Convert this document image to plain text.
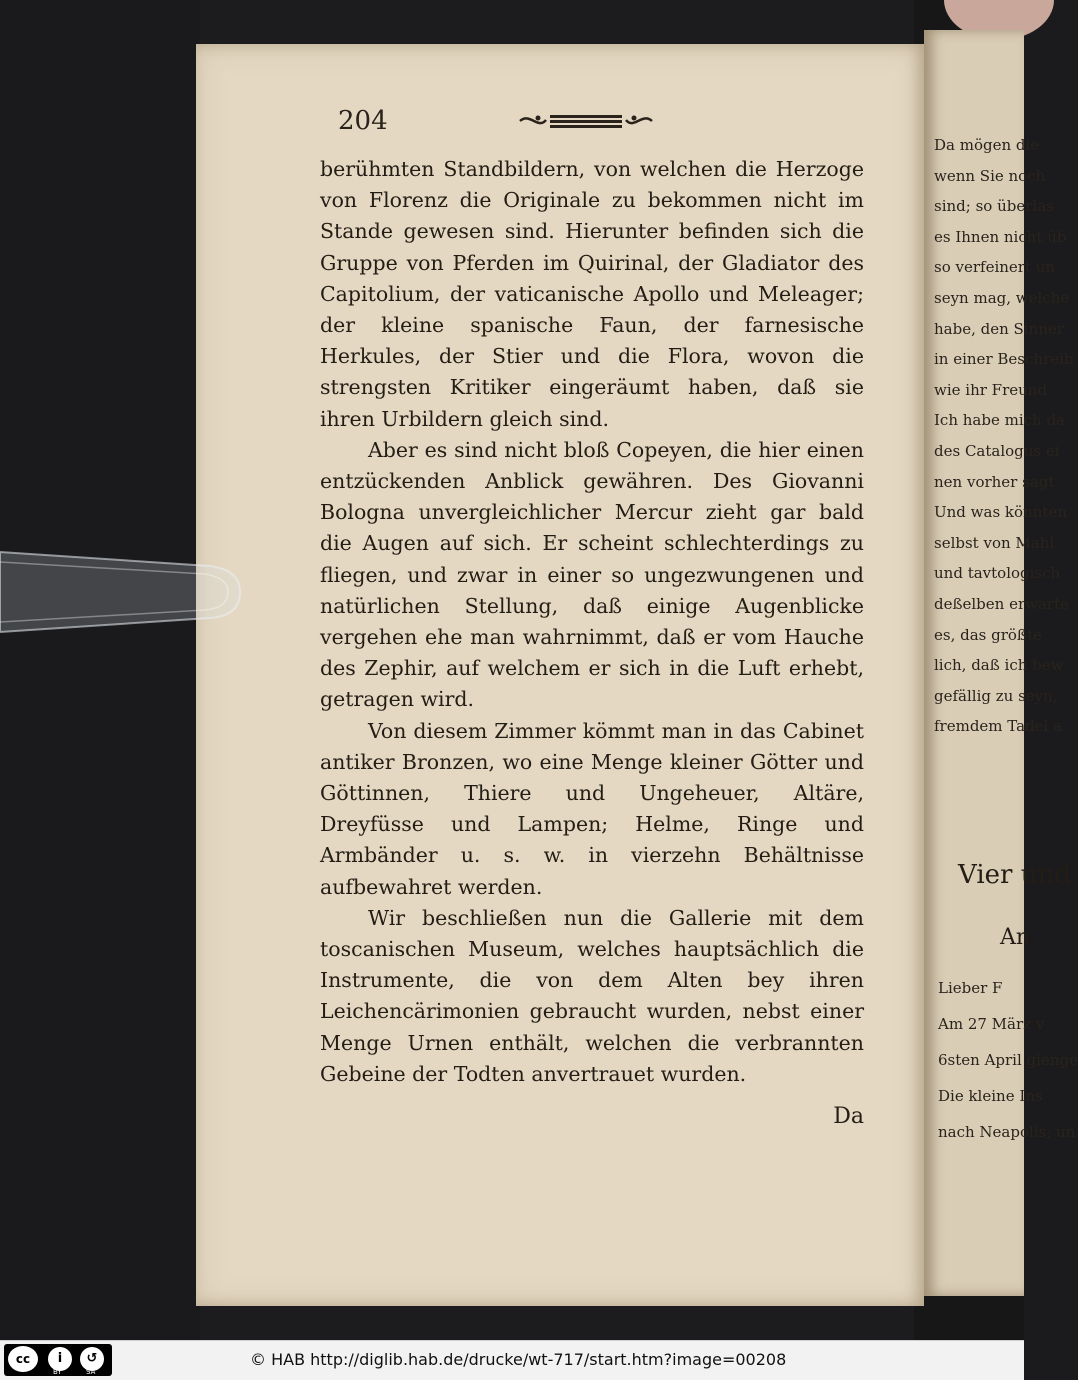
204

berühmten Standbildern, von welchen die Herzoge von Florenz die Originale zu bekommen nicht im Stande gewesen sind. Hierunter befinden sich die Gruppe von Pferden im Quirinal, der Gladiator des Capitolium, der vaticanische Apollo und Meleager; der kleine spanische Faun, der farnesische Herkules, der Stier und die Flora, wovon die strengsten Kritiker eingeräumt haben, daß sie ihren Urbildern gleich sind.

Aber es sind nicht bloß Copeyen, die hier einen entzückenden Anblick gewähren. Des Giovanni Bologna unvergleichlicher Mercur zieht gar bald die Augen auf sich. Er scheint schlechterdings zu fliegen, und zwar in einer so ungezwungenen und natürlichen Stellung, daß einige Augenblicke vergehen ehe man wahrnimmt, daß er vom Hauche des Zephir, auf welchem er sich in die Luft erhebt, getragen wird.

Von diesem Zimmer kömmt man in das Cabinet antiker Bronzen, wo eine Menge kleiner Götter und Göttinnen, Thiere und Ungeheuer, Altäre, Dreyfüsse und Lampen; Helme, Ringe und Armbänder u. s. w. in vierzehn Behältnisse aufbewahret werden.

Wir beschließen nun die Gallerie mit dem toscanischen Museum, welches hauptsächlich die Instrumente, die von dem Alten bey ihren Leichencärimonien gebraucht wurden, nebst einer Menge Urnen enthält, welchen die verbrannten Gebeine der Todten anvertrauet wurden.

Da
Da mögen die
wenn Sie noch
sind; so überlas
es Ihnen nicht üb
so verfeinert un
seyn mag, welche
habe, den Sinner
in einer Beschreib
wie ihr Freund
Ich habe mich da
des Catalogus ei
nen vorher sagt
Und was könnten
selbst von Mahl
und tavtologisch
deßelben erwarte
es, das größte
lich, daß ich bew
gefällig zu seyn,
fremdem Tadel a
Vier und
An
Lieber F
Am 27 März v
6sten April gienge
Die kleine Ins
nach Neapolis; un
cc	i	↺
BY	SA
© HAB http://diglib.hab.de/drucke/wt-717/start.htm?image=00208
